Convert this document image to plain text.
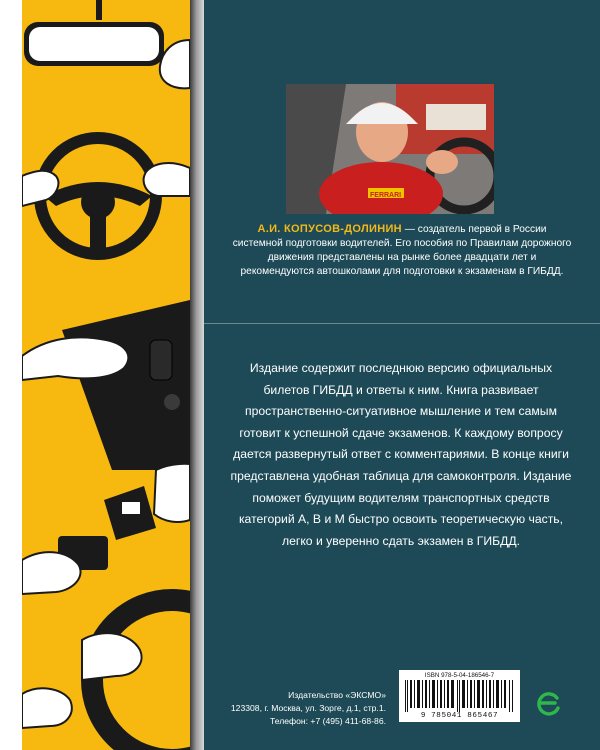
FERRARI
А.И. КОПУСОВ-ДОЛИНИН — создатель первой в России системной подготовки водителей. Его пособия по Правилам дорожного движения представлены на рынке более двадцати лет и рекомендуются автошколами для подготовки к экзаменам в ГИБДД.
Издание содержит последнюю версию официальных билетов ГИБДД и ответы к ним. Книга развивает пространственно-ситуативное мышление и тем самым готовит к успешной сдаче экзаменов. К каждому вопросу дается развернутый ответ с комментариями. В конце книги представлена удобная таблица для самоконтроля. Издание поможет будущим водителям транспортных средств категорий А, В и М быстро освоить теоретическую часть, легко и уверенно сдать экзамен в ГИБДД.
Издательство «ЭКСМО»
123308, г. Москва, ул. Зорге, д.1, стр.1.
Телефон: +7 (495) 411-68-86.
ISBN 978-5-04-186546-7
9 785041 865467
